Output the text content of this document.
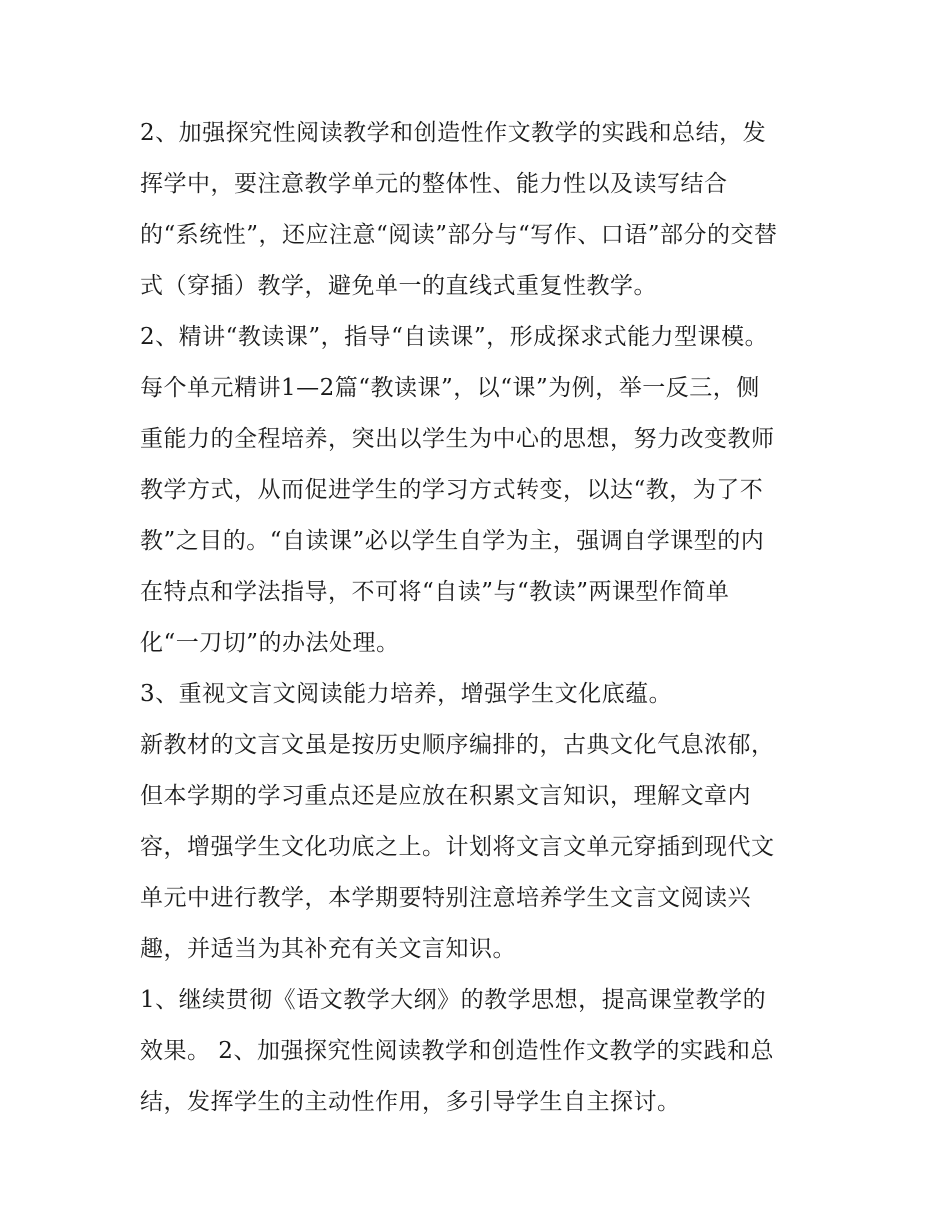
2、加强探究性阅读教学和创造性作文教学的实践和总结，发
挥学中，要注意教学单元的整体性、能力性以及读写结合
的“系统性”，还应注意“阅读”部分与“写作、口语”部分的交替
式（穿插）教学，避免单一的直线式重复性教学。
2、精讲“教读课”，指导“自读课”，形成探求式能力型课模。
每个单元精讲1—2篇“教读课”，以“课”为例，举一反三，侧
重能力的全程培养，突出以学生为中心的思想，努力改变教师
教学方式，从而促进学生的学习方式转变，以达“教，为了不
教”之目的。“自读课”必以学生自学为主，强调自学课型的内
在特点和学法指导，不可将“自读”与“教读”两课型作简单
化“一刀切”的办法处理。
3、重视文言文阅读能力培养，增强学生文化底蕴。
新教材的文言文虽是按历史顺序编排的，古典文化气息浓郁，
但本学期的学习重点还是应放在积累文言知识，理解文章内
容，增强学生文化功底之上。计划将文言文单元穿插到现代文
单元中进行教学，本学期要特别注意培养学生文言文阅读兴
趣，并适当为其补充有关文言知识。
1、继续贯彻《语文教学大纲》的教学思想，提高课堂教学的
效果。 2、加强探究性阅读教学和创造性作文教学的实践和总
结，发挥学生的主动性作用，多引导学生自主探讨。
